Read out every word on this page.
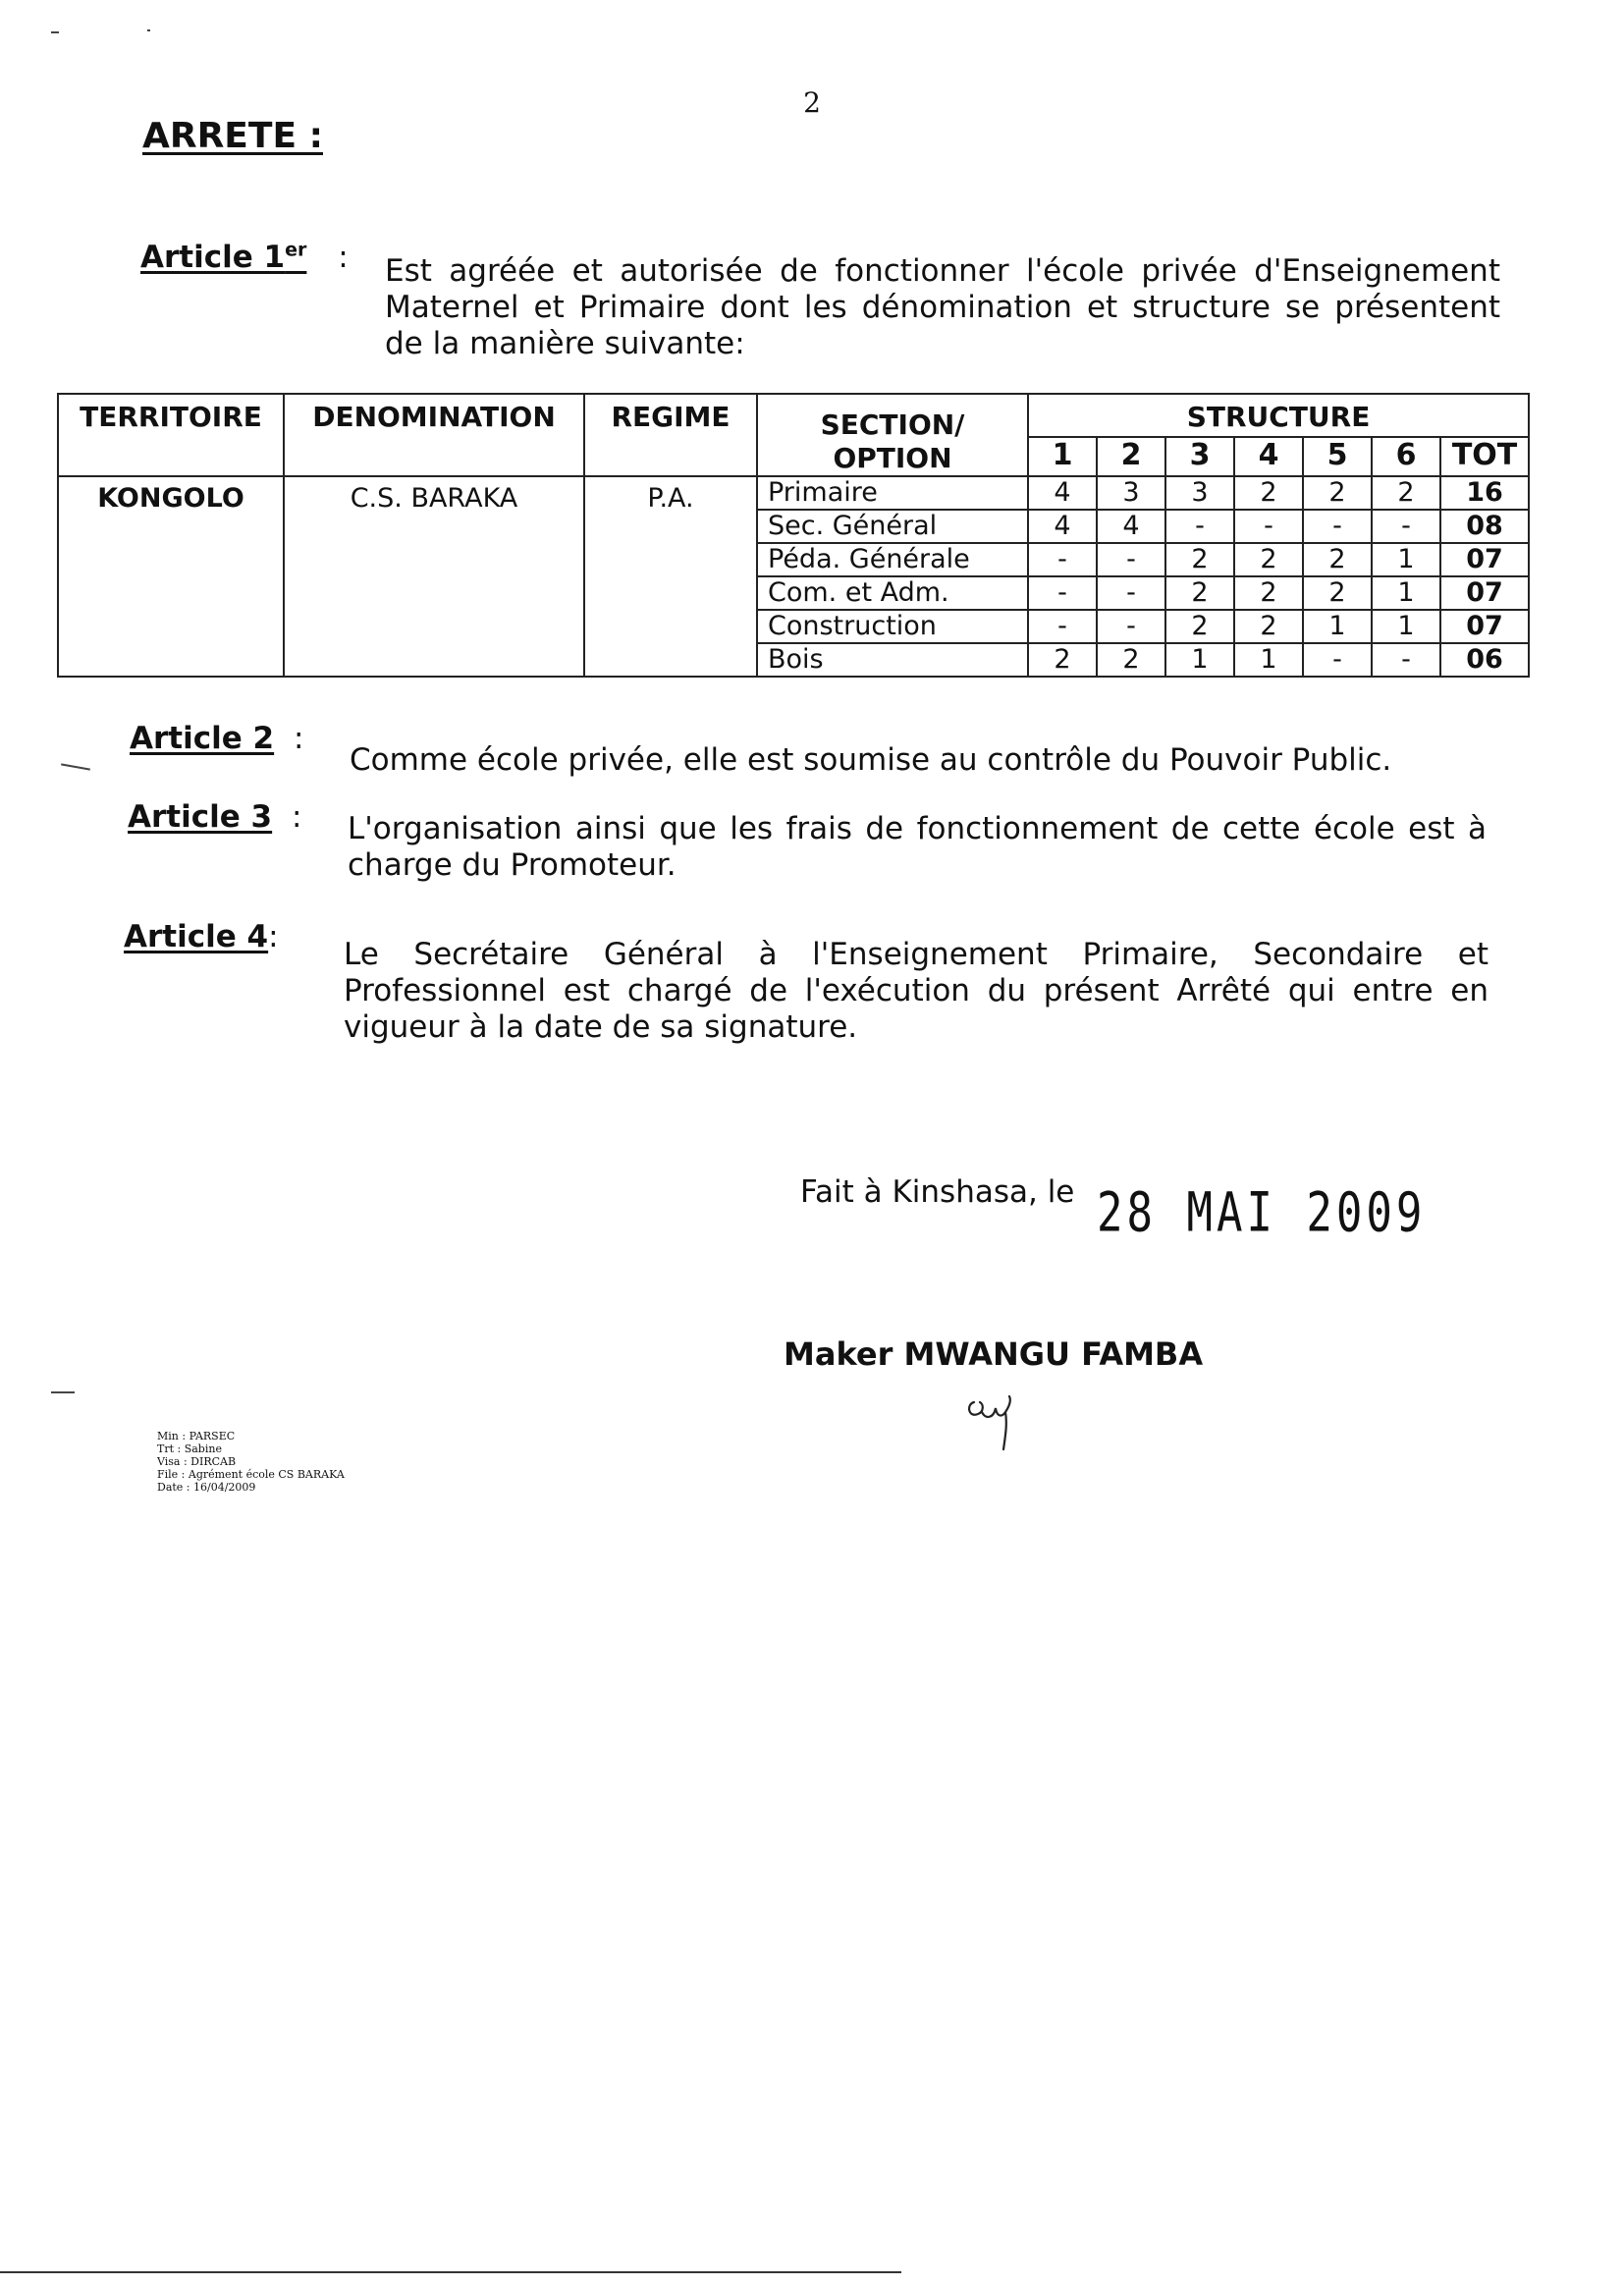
2
ARRETE :
Article 1er : Est agréée et autorisée de fonctionner l'école privée d'Enseignement Maternel et Primaire dont les dénomination et structure se présentent de la manière suivante:
TERRITOIRE	DENOMINATION	REGIME	SECTION/ OPTION	STRUCTURE						
				1	2	3	4	5	6	TOT
KONGOLO	C.S. BARAKA	P.A.								
			Primaire	4	3	3	2	2	2	16
			Sec. Général	4	4	-	-	-	-	08
			Péda. Générale	-	-	2	2	2	1	07
			Com. et Adm.	-	-	2	2	2	1	07
			Construction	-	-	2	2	1	1	07
			Bois	2	2	1	1	-	-	06
Article 2 :
Comme école privée, elle est soumise au contrôle du Pouvoir Public.
Article 3 : L'organisation ainsi que les frais de fonctionnement de cette école est à charge du Promoteur.
Article 4: Le Secrétaire Général à l'Enseignement Primaire, Secondaire et Professionnel est chargé de l'exécution du présent Arrêté qui entre en vigueur à la date de sa signature.
Fait à Kinshasa, le 28 MAI 2009
Maker MWANGU FAMBA
Min : PARSEC
Trt : Sabine
Visa : DIRCAB
File : Agrément école CS BARAKA
Date : 16/04/2009
